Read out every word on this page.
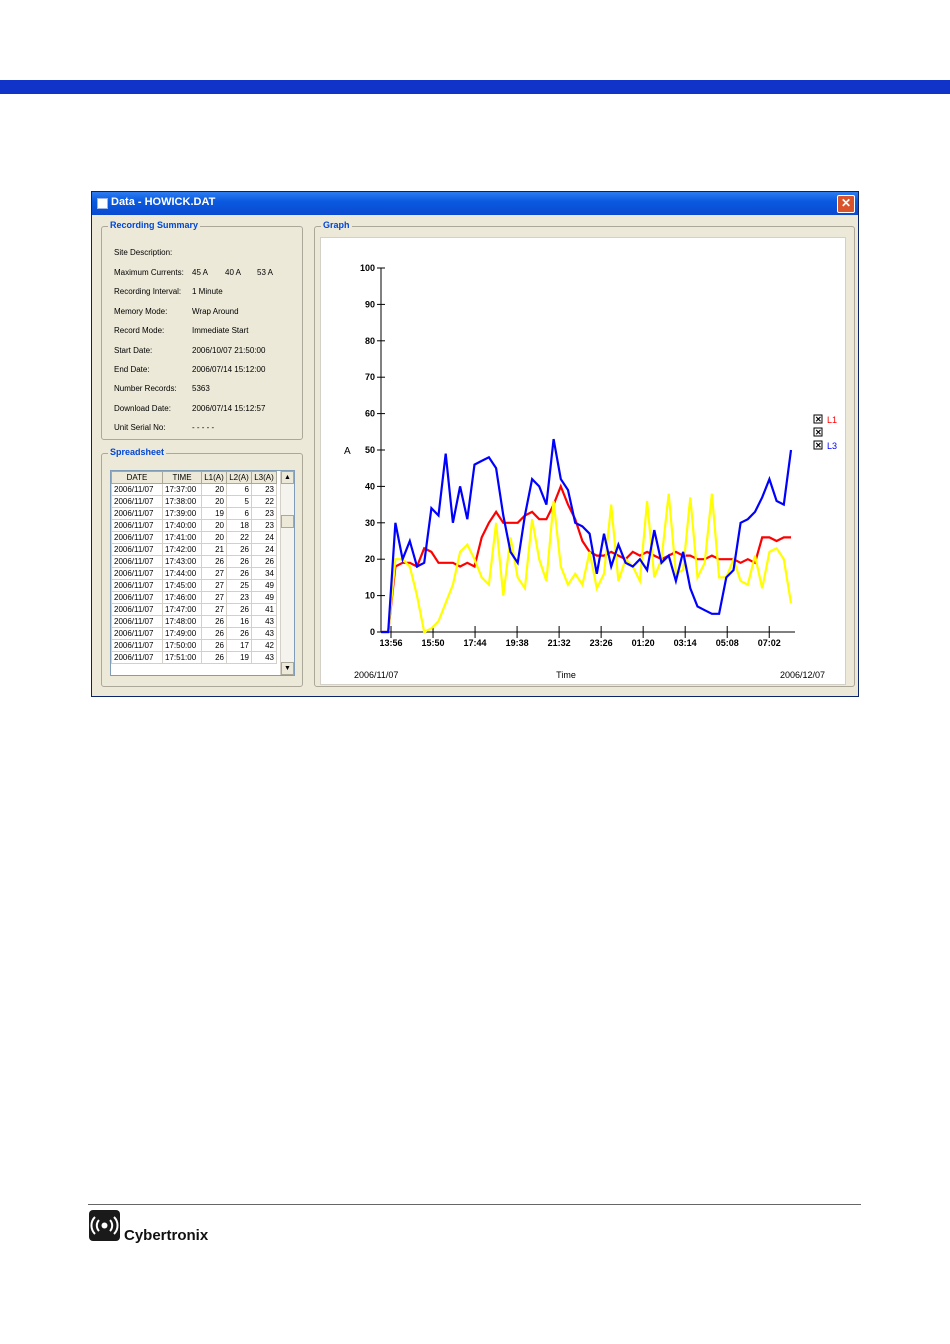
Data - HOWICK.DAT	✕
Recording Summary
Site Description:
Maximum Currents: 45 A 40 A 53 A
Recording Interval: 1 Minute
Memory Mode:	Wrap Around
Record Mode:	Immediate Start
Start Date:	2006/10/07 21:50:00
End Date:	2006/07/14 15:12:00
Number Records: 5363
Download Date:	2006/07/14 15:12:57
Unit Serial No:	- - - - -
Spreadsheet
DATE	TIME	L1(A)	L2(A)	L3(A)
2006/11/07	17:37:00	20	6	23
2006/11/07	17:38:00	20	5	22
2006/11/07	17:39:00	19	6	23
2006/11/07	17:40:00	20	18	23
2006/11/07	17:41:00	20	22	24
2006/11/07	17:42:00	21	26	24
2006/11/07	17:43:00	26	26	26
2006/11/07	17:44:00	27	26	34
2006/11/07	17:45:00	27	25	49
2006/11/07	17:46:00	27	23	49
2006/11/07	17:47:00	27	26	41
2006/11/07	17:48:00	26	16	43
2006/11/07	17:49:00	26	26	43
2006/11/07	17:50:00	26	17	42
2006/11/07	17:51:00	26	19	43
▲
▼
Graph
0
10
20
30
40
50
60
70
80
90
100
13:56 15:50 17:44 19:38 21:32 23:26 01:20 03:14 05:08 07:02
A
Time
2006/11/07	2006/12/07
✕ L1
✕
✕ L3
Cybertronix
